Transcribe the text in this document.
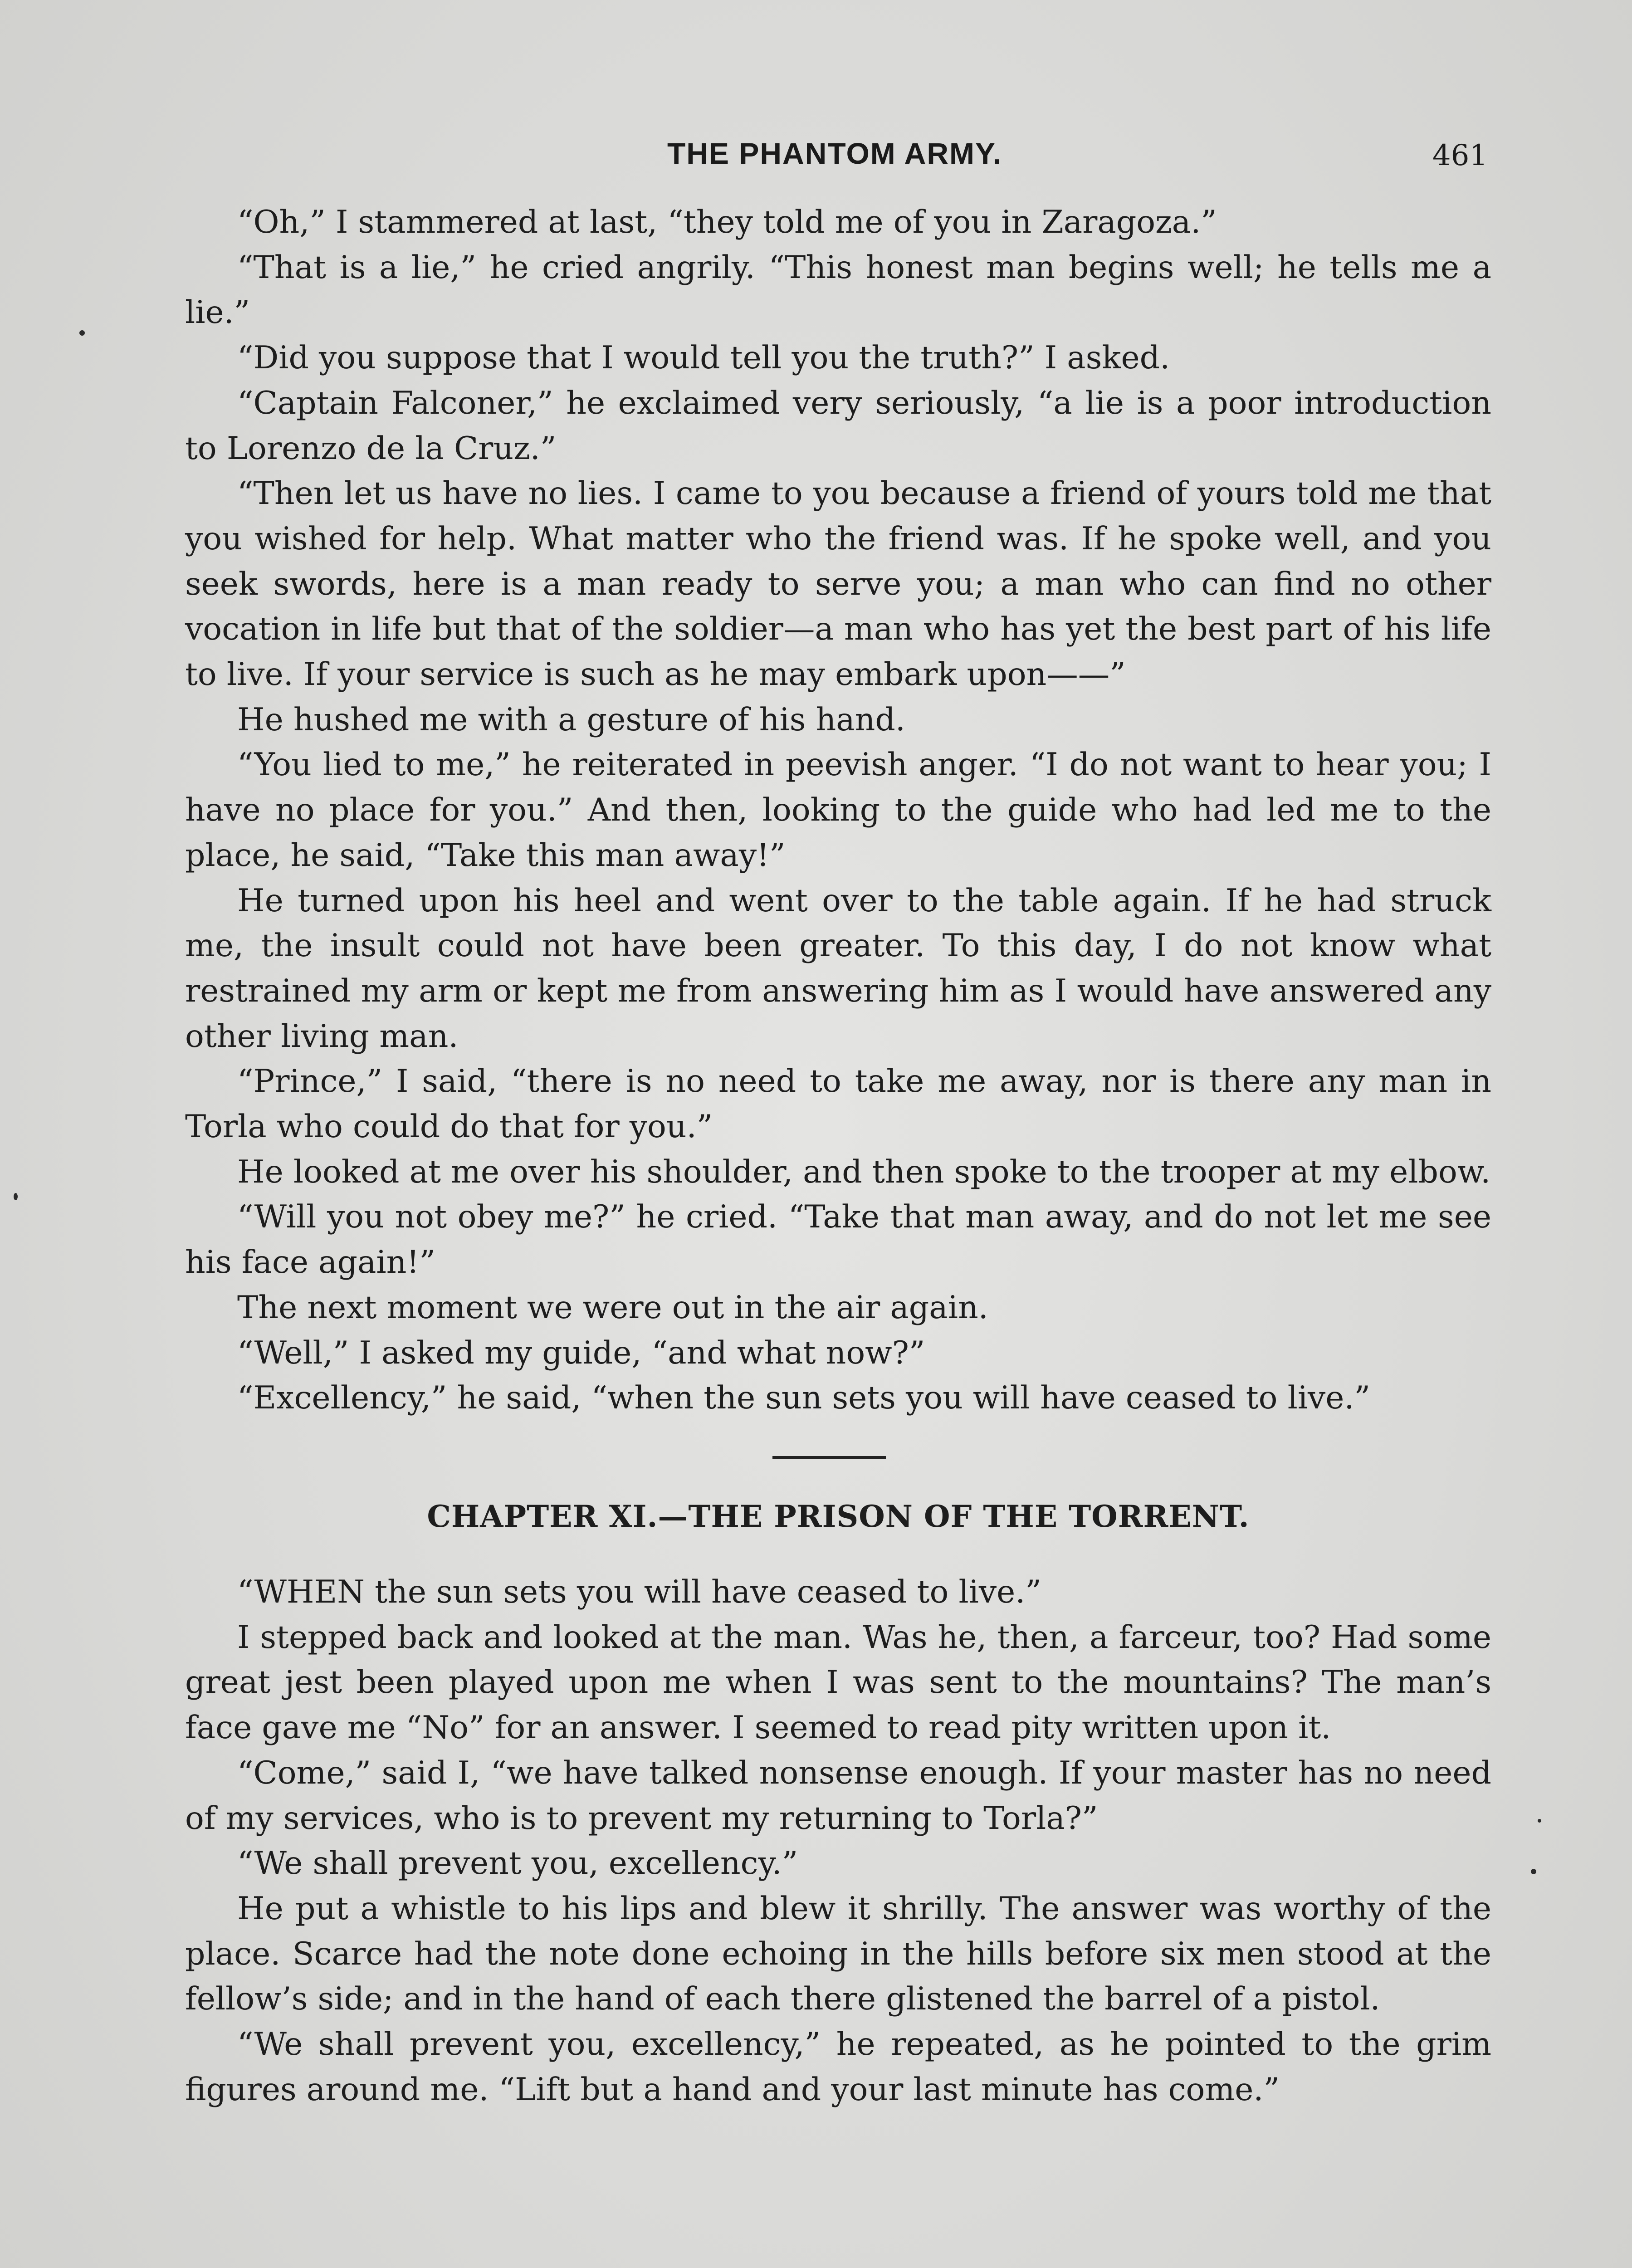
THE PHANTOM ARMY.	461

“Oh,” I stammered at last, “they told me of you in Zaragoza.”

“That is a lie,” he cried angrily. “This honest man begins well; he tells me a lie.”

“Did you suppose that I would tell you the truth?” I asked.

“Captain Falconer,” he exclaimed very seriously, “a lie is a poor introduction to Lorenzo de la Cruz.”

“Then let us have no lies. I came to you because a friend of yours told me that you wished for help. What matter who the friend was. If he spoke well, and you seek swords, here is a man ready to serve you; a man who can find no other vocation in life but that of the soldier—a man who has yet the best part of his life to live. If your service is such as he may embark upon——”

He hushed me with a gesture of his hand.

“You lied to me,” he reiterated in peevish anger. “I do not want to hear you; I have no place for you.” And then, looking to the guide who had led me to the place, he said, “Take this man away!”

He turned upon his heel and went over to the table again. If he had struck me, the insult could not have been greater. To this day, I do not know what restrained my arm or kept me from answering him as I would have answered any other living man.

“Prince,” I said, “there is no need to take me away, nor is there any man in Torla who could do that for you.”

He looked at me over his shoulder, and then spoke to the trooper at my elbow.

“Will you not obey me?” he cried. “Take that man away, and do not let me see his face again!”

The next moment we were out in the air again.

“Well,” I asked my guide, “and what now?”

“Excellency,” he said, “when the sun sets you will have ceased to live.”

CHAPTER XI.—THE PRISON OF THE TORRENT.

“WHEN the sun sets you will have ceased to live.”

I stepped back and looked at the man. Was he, then, a farceur, too? Had some great jest been played upon me when I was sent to the mountains? The man’s face gave me “No” for an answer. I seemed to read pity written upon it.

“Come,” said I, “we have talked nonsense enough. If your master has no need of my services, who is to prevent my returning to Torla?”

“We shall prevent you, excellency.”

He put a whistle to his lips and blew it shrilly. The answer was worthy of the place. Scarce had the note done echoing in the hills before six men stood at the fellow’s side; and in the hand of each there glistened the barrel of a pistol.

“We shall prevent you, excellency,” he repeated, as he pointed to the grim figures around me. “Lift but a hand and your last minute has come.”
